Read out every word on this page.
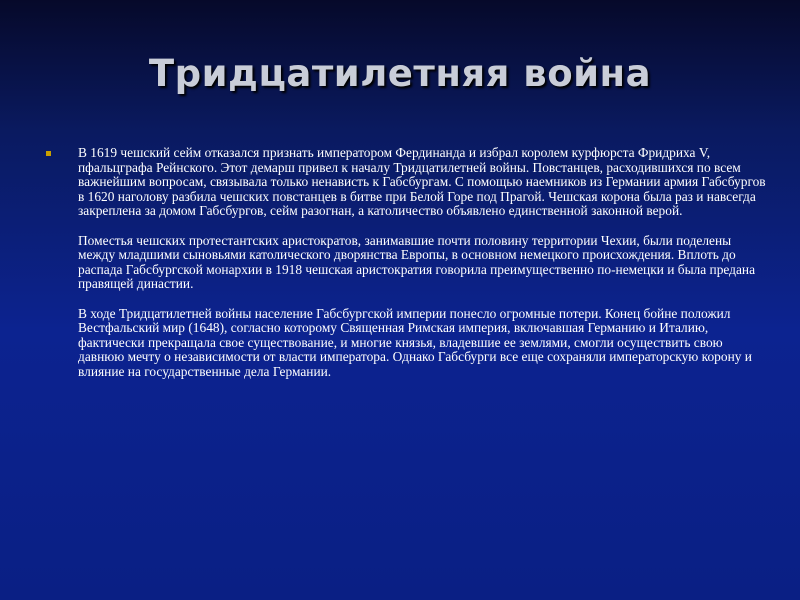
Тридцатилетняя война

В 1619 чешский сейм отказался признать императором Фердинанда и избрал королем курфюрста Фридриха V, пфальцграфа Рейнского. Этот демарш привел к началу Тридцатилетней войны. Повстанцев, расходившихся по всем важнейшим вопросам, связывала только ненависть к Габсбургам. С помощью наемников из Германии армия Габсбургов в 1620 наголову разбила чешских повстанцев в битве при Белой Горе под Прагой. Чешская корона была раз и навсегда закреплена за домом Габсбургов, сейм разогнан, а католичество объявлено единственной законной верой.

Поместья чешских протестантских аристократов, занимавшие почти половину территории Чехии, были поделены между младшими сыновьями католического дворянства Европы, в основном немецкого происхождения. Вплоть до распада Габсбургской монархии в 1918 чешская аристократия говорила преимущественно по-немецки и была предана правящей династии.

В ходе Тридцатилетней войны население Габсбургской империи понесло огромные потери. Конец бойне положил Вестфальский мир (1648), согласно которому Священная Римская империя, включавшая Германию и Италию, фактически прекращала свое существование, и многие князья, владевшие ее землями, смогли осуществить свою давнюю мечту о независимости от власти императора. Однако Габсбурги все еще сохраняли императорскую корону и влияние на государственные дела Германии.
